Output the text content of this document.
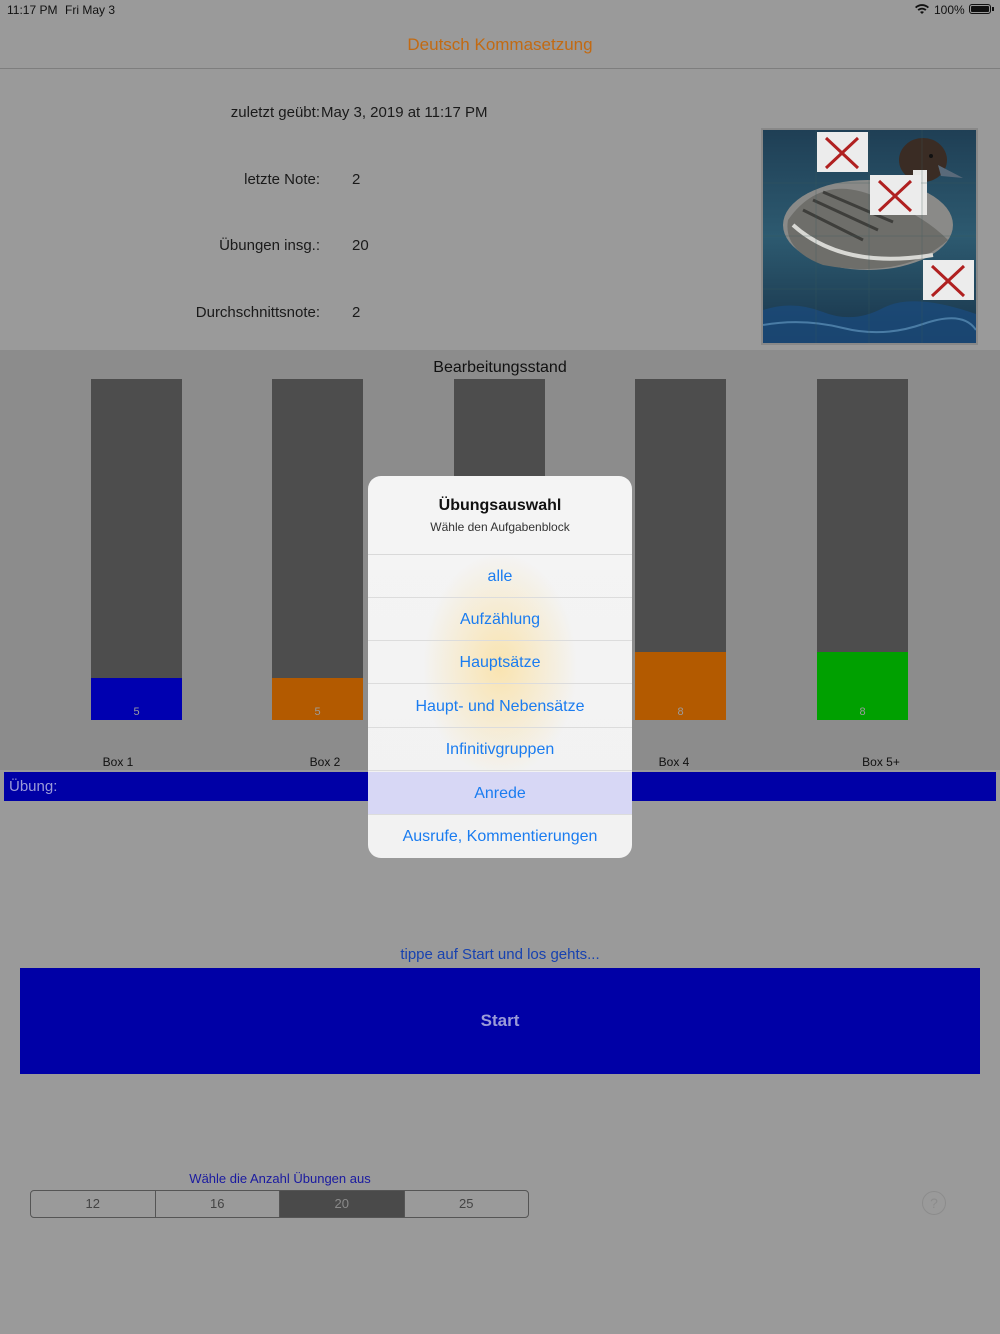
11:17 PM Fri May 3	100%
Deutsch Kommasetzung
zuletzt geübt: May 3, 2019 at 11:17 PM
letzte Note: 2
Übungen insg.: 20
Durchschnittsnote: 2
Bearbeitungsstand
5	5	8	8
Box 1	Box 2	Box 4	Box 5+
Übung:
tippe auf Start und los gehts...
Start
Wähle die Anzahl Übungen aus
12	16	20	25	?
Übungsauswahl
Wähle den Aufgabenblock
alle
Aufzählung
Hauptsätze
Haupt- und Nebensätze
Infinitivgruppen
Anrede
Ausrufe, Kommentierungen
